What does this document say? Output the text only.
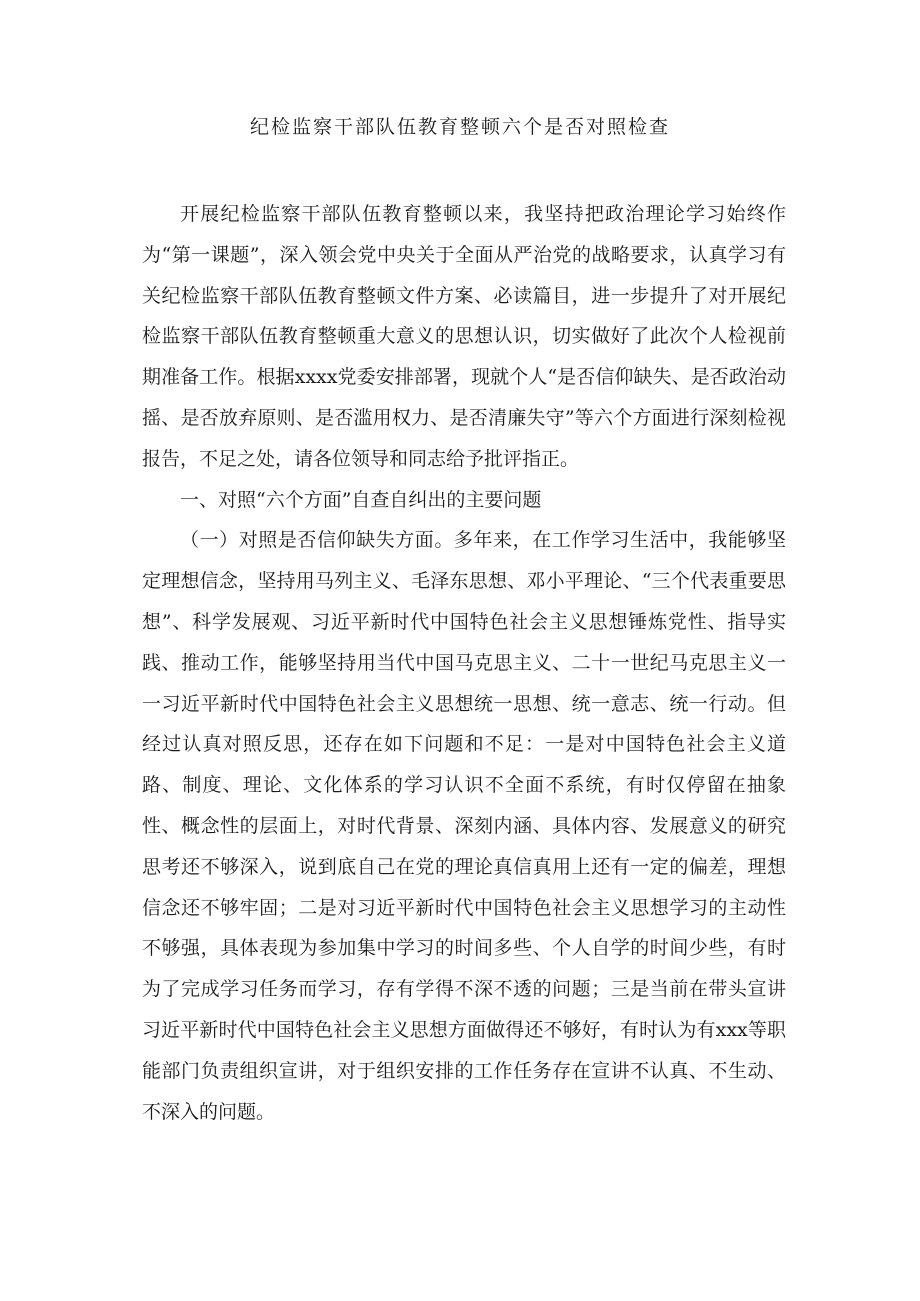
纪检监察干部队伍教育整顿六个是否对照检查

开展纪检监察干部队伍教育整顿以来，我坚持把政治理论学习始终作为“第一课题”，深入领会党中央关于全面从严治党的战略要求，认真学习有关纪检监察干部队伍教育整顿文件方案、必读篇目，进一步提升了对开展纪检监察干部队伍教育整顿重大意义的思想认识，切实做好了此次个人检视前期准备工作。根据xxxx党委安排部署，现就个人“是否信仰缺失、是否政治动摇、是否放弃原则、是否滥用权力、是否清廉失守”等六个方面进行深刻检视报告，不足之处，请各位领导和同志给予批评指正。

一、对照“六个方面”自查自纠出的主要问题

（一）对照是否信仰缺失方面。多年来，在工作学习生活中，我能够坚定理想信念，坚持用马列主义、毛泽东思想、邓小平理论、“三个代表重要思想”、科学发展观、习近平新时代中国特色社会主义思想锤炼党性、指导实践、推动工作，能够坚持用当代中国马克思主义、二十一世纪马克思主义一一习近平新时代中国特色社会主义思想统一思想、统一意志、统一行动。但经过认真对照反思，还存在如下问题和不足：一是对中国特色社会主义道路、制度、理论、文化体系的学习认识不全面不系统，有时仅停留在抽象性、概念性的层面上，对时代背景、深刻内涵、具体内容、发展意义的研究思考还不够深入，说到底自己在党的理论真信真用上还有一定的偏差，理想信念还不够牢固；二是对习近平新时代中国特色社会主义思想学习的主动性不够强，具体表现为参加集中学习的时间多些、个人自学的时间少些，有时为了完成学习任务而学习，存有学得不深不透的问题；三是当前在带头宣讲习近平新时代中国特色社会主义思想方面做得还不够好，有时认为有xxx等职能部门负责组织宣讲，对于组织安排的工作任务存在宣讲不认真、不生动、不深入的问题。
